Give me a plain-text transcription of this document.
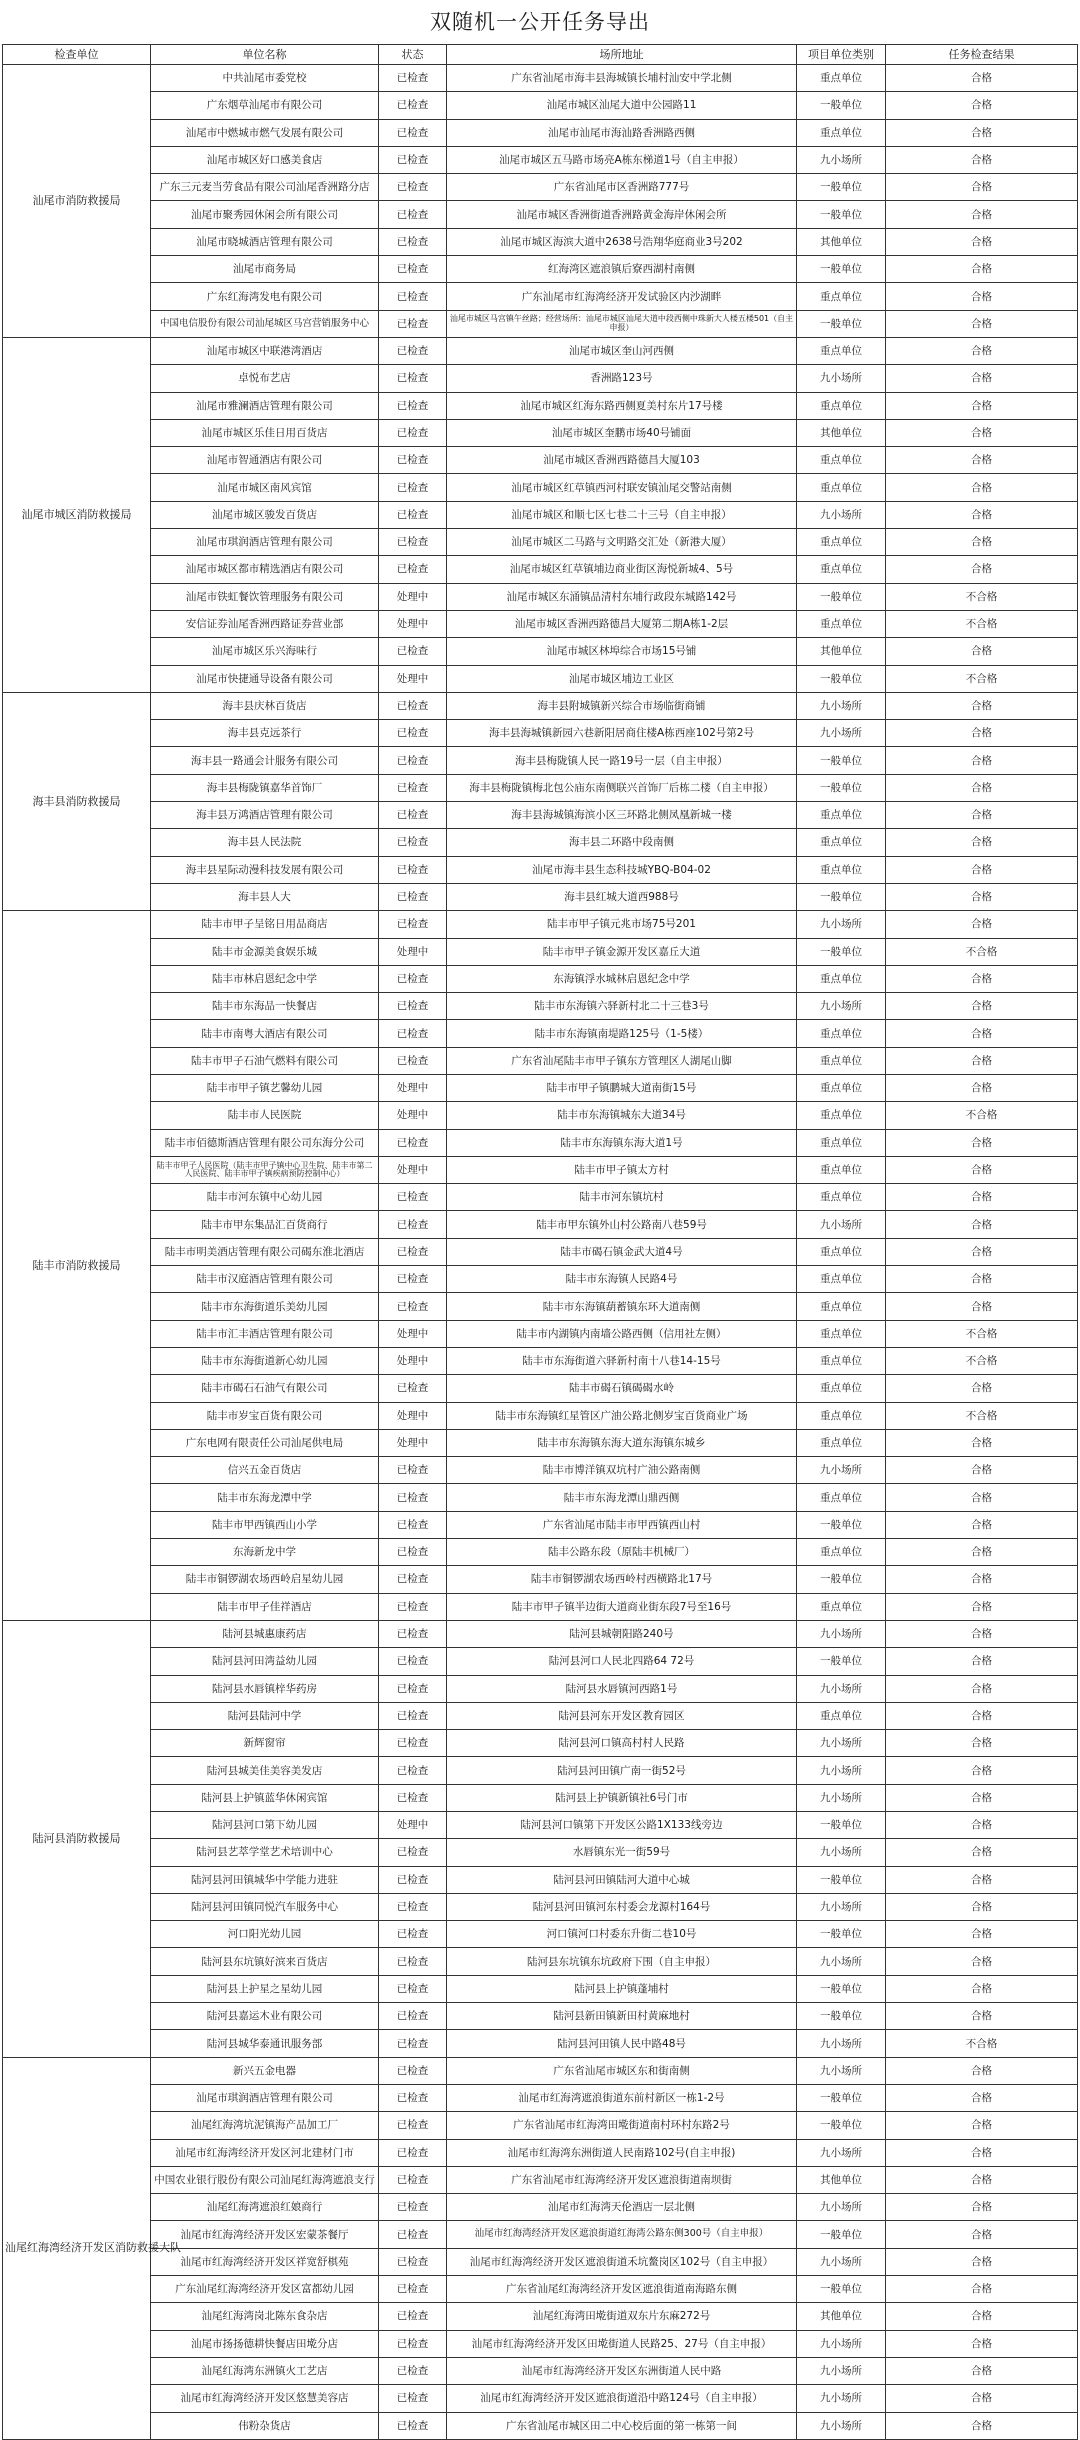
双随机一公开任务导出
检查单位	单位名称	状态	场所地址	项目单位类别	任务检查结果
汕尾市消防救援局	中共汕尾市委党校	已检查	广东省汕尾市海丰县海城镇长埔村汕安中学北侧	重点单位	合格
	广东烟草汕尾市有限公司	已检查	汕尾市城区汕尾大道中公园路11	一般单位	合格
	汕尾市中燃城市燃气发展有限公司	已检查	汕尾市汕尾市海汕路香洲路西侧	重点单位	合格
	汕尾市城区好口感美食店	已检查	汕尾市城区五马路市场亮A栋东梯道1号（自主申报）	九小场所	合格
	广东三元麦当劳食品有限公司汕尾香洲路分店	已检查	广东省汕尾市区香洲路777号	一般单位	合格
	汕尾市聚秀园休闲会所有限公司	已检查	汕尾市城区香洲街道香洲路黄金海岸休闲会所	一般单位	合格
	汕尾市晓城酒店管理有限公司	已检查	汕尾市城区海滨大道中2638号浩翔华庭商业3号202	其他单位	合格
	汕尾市商务局	已检查	红海湾区遮浪镇后寮西湖村南侧	一般单位	合格
	广东红海湾发电有限公司	已检查	广东汕尾市红海湾经济开发试验区内沙湖畔	重点单位	合格
	中国电信股份有限公司汕尾城区马宫营销服务中心	已检查	汕尾市城区马宫镇午丝路；经营场所：汕尾市城区汕尾大道中段西侧中珠新大人楼五楼501（自主申报）	一般单位	合格
汕尾市城区消防救援局	汕尾市城区中联港湾酒店	已检查	汕尾市城区奎山河西侧	重点单位	合格
	卓悦布艺店	已检查	香洲路123号	九小场所	合格
	汕尾市雅澜酒店管理有限公司	已检查	汕尾市城区红海东路西侧夏美村东片17号楼	重点单位	合格
	汕尾市城区乐佳日用百货店	已检查	汕尾市城区奎鹏市场40号铺面	其他单位	合格
	汕尾市智通酒店有限公司	已检查	汕尾市城区香洲西路德昌大厦103	重点单位	合格
	汕尾市城区南风宾馆	已检查	汕尾市城区红草镇西河村联安镇汕尾交警站南侧	重点单位	合格
	汕尾市城区骏发百货店	已检查	汕尾市城区和顺七区七巷二十三号（自主申报）	九小场所	合格
	汕尾市琪润酒店管理有限公司	已检查	汕尾市城区二马路与文明路交汇处（新港大厦）	重点单位	合格
	汕尾市城区都市精选酒店有限公司	已检查	汕尾市城区红草镇埔边商业街区海悦新城4、5号	重点单位	合格
	汕尾市铁虹餐饮管理服务有限公司	处理中	汕尾市城区东涌镇品清村东埔行政段东城路142号	一般单位	不合格
	安信证券汕尾香洲西路证券营业部	处理中	汕尾市城区香洲西路德昌大厦第二期A栋1-2层	重点单位	不合格
	汕尾市城区乐兴海味行	已检查	汕尾市城区林埠综合市场15号铺	其他单位	合格
	汕尾市快捷通导设备有限公司	处理中	汕尾市城区埔边工业区	一般单位	不合格
海丰县消防救援局	海丰县庆林百货店	已检查	海丰县附城镇新兴综合市场临街商铺	九小场所	合格
	海丰县克远茶行	已检查	海丰县海城镇新园六巷新阳居商住楼A栋西座102号第2号	九小场所	合格
	海丰县一路通会计服务有限公司	已检查	海丰县梅陇镇人民一路19号一层（自主申报）	一般单位	合格
	海丰县梅陇镇嘉华首饰厂	已检查	海丰县梅陇镇梅北包公庙东南侧联兴首饰厂后栋二楼（自主申报）	一般单位	合格
	海丰县万鸿酒店管理有限公司	已检查	海丰县海城镇海滨小区三环路北侧凤凰新城一楼	重点单位	合格
	海丰县人民法院	已检查	海丰县二环路中段南侧	重点单位	合格
	海丰县星际动漫科技发展有限公司	已检查	汕尾市海丰县生态科技城YBQ-B04-02	重点单位	合格
	海丰县人大	已检查	海丰县红城大道西988号	一般单位	合格
陆丰市消防救援局	陆丰市甲子呈铭日用品商店	已检查	陆丰市甲子镇元兆市场75号201	九小场所	合格
	陆丰市金源美食娱乐城	处理中	陆丰市甲子镇金源开发区嘉丘大道	一般单位	不合格
	陆丰市林启恩纪念中学	已检查	东海镇浮水城林启恩纪念中学	重点单位	合格
	陆丰市东海品一快餐店	已检查	陆丰市东海镇六驿新村北二十三巷3号	九小场所	合格
	陆丰市南粤大酒店有限公司	已检查	陆丰市东海镇南堤路125号（1-5楼）	重点单位	合格
	陆丰市甲子石油气燃料有限公司	已检查	广东省汕尾陆丰市甲子镇东方管理区人湖尾山脚	重点单位	合格
	陆丰市甲子镇艺馨幼儿园	处理中	陆丰市甲子镇鹏城大道南街15号	重点单位	合格
	陆丰市人民医院	处理中	陆丰市东海镇城东大道34号	重点单位	不合格
	陆丰市佰德斯酒店管理有限公司东海分公司	已检查	陆丰市东海镇东海大道1号	重点单位	合格
	陆丰市甲子人民医院（陆丰市甲子镇中心卫生院、陆丰市第二人民医院、陆丰市甲子镇疾病预防控制中心）	处理中	陆丰市甲子镇太方村	重点单位	合格
	陆丰市河东镇中心幼儿园	已检查	陆丰市河东镇坑村	重点单位	合格
	陆丰市甲东集品汇百货商行	已检查	陆丰市甲东镇外山村公路南八巷59号	九小场所	合格
	陆丰市明美酒店管理有限公司碣东淮北酒店	已检查	陆丰市碣石镇金武大道4号	重点单位	合格
	陆丰市汉庭酒店管理有限公司	已检查	陆丰市东海镇人民路4号	重点单位	合格
	陆丰市东海街道乐美幼儿园	已检查	陆丰市东海镇葫蓄镇东环大道南侧	重点单位	合格
	陆丰市汇丰酒店管理有限公司	处理中	陆丰市内湖镇内南墙公路西侧（信用社左侧）	重点单位	不合格
	陆丰市东海街道新心幼儿园	处理中	陆丰市东海街道六驿新村南十八巷14-15号	重点单位	不合格
	陆丰市碣石石油气有限公司	已检查	陆丰市碣石镇碣碣水岭	重点单位	合格
	陆丰市岁宝百货有限公司	处理中	陆丰市东海镇红星管区广油公路北侧岁宝百货商业广场	重点单位	不合格
	广东电网有限责任公司汕尾供电局	处理中	陆丰市东海镇东海大道东海镇东城乡	重点单位	合格
	信兴五金百货店	已检查	陆丰市博洋镇双坑村广油公路南侧	九小场所	合格
	陆丰市东海龙潭中学	已检查	陆丰市东海龙潭山鼎西侧	重点单位	合格
	陆丰市甲西镇西山小学	已检查	广东省汕尾市陆丰市甲西镇西山村	一般单位	合格
	东海新龙中学	已检查	陆丰公路东段（原陆丰机械厂）	重点单位	合格
	陆丰市铜锣湖农场西岭启星幼儿园	已检查	陆丰市铜锣湖农场西岭村西横路北17号	一般单位	合格
	陆丰市甲子佳祥酒店	已检查	陆丰市甲子镇半边街大道商业街东段7号至16号	重点单位	合格
陆河县消防救援局	陆河县城惠康药店	已检查	陆河县城朝阳路240号	九小场所	合格
	陆河县河田湾益幼儿园	已检查	陆河县河口人民北四路64 72号	一般单位	合格
	陆河县水唇镇梓华药房	已检查	陆河县水唇镇河西路1号	九小场所	合格
	陆河县陆河中学	已检查	陆河县河东开发区教育园区	重点单位	合格
	新辉窗帘	已检查	陆河县河口镇高村村人民路	九小场所	合格
	陆河县城美佳美容美发店	已检查	陆河县河田镇广南一街52号	九小场所	合格
	陆河县上护镇蓝华休闲宾馆	已检查	陆河县上护镇新镇社6号门市	九小场所	合格
	陆河县河口第下幼儿园	处理中	陆河县河口镇第下开发区公路1X133线旁边	一般单位	合格
	陆河县艺萃学堂艺术培训中心	已检查	水唇镇东光一街59号	九小场所	合格
	陆河县河田镇城华中学能力进驻	已检查	陆河县河田镇陆河大道中心城	一般单位	合格
	陆河县河田镇同悦汽车服务中心	已检查	陆河县河田镇河东村委会龙源村164号	九小场所	合格
	河口阳光幼儿园	已检查	河口镇河口村委东升街二巷10号	一般单位	合格
	陆河县东坑镇好滨来百货店	已检查	陆河县东坑镇东坑政府下围（自主申报）	九小场所	合格
	陆河县上护星之星幼儿园	已检查	陆河县上护镇蓬埔村	一般单位	合格
	陆河县嘉运木业有限公司	已检查	陆河县新田镇新田村黄麻地村	一般单位	合格
	陆河县城华泰通讯服务部	已检查	陆河县河田镇人民中路48号	九小场所	不合格
汕尾红海湾经济开发区消防救援大队	新兴五金电器	已检查	广东省汕尾市城区东和街南侧	九小场所	合格
	汕尾市琪润酒店管理有限公司	已检查	汕尾市红海湾遮浪街道东前村新区一栋1-2号	一般单位	合格
	汕尾红海湾坑泥镇海产品加工厂	已检查	广东省汕尾市红海湾田墘街道南村环村东路2号	一般单位	合格
	汕尾市红海湾经济开发区河北建材门市	已检查	汕尾市红海湾东洲街道人民南路102号(自主申报)	九小场所	合格
	中国农业银行股份有限公司汕尾红海湾遮浪支行	已检查	广东省汕尾市红海湾经济开发区遮浪街道南坝街	其他单位	合格
	汕尾红海湾遮浪红娘商行	已检查	汕尾市红海湾天伦酒店一层北侧	九小场所	合格
	汕尾市红海湾经济开发区宏蒙茶餐厅	已检查	汕尾市红海湾经济开发区遮浪街道红海湾公路东侧300号（自主申报）	一般单位	合格
	汕尾市红海湾经济开发区祥宽舒棋苑	已检查	汕尾市红海湾经济开发区遮浪街道禾坑鳌岗区102号（自主申报）	九小场所	合格
	广东汕尾红海湾经济开发区富都幼儿园	已检查	广东省汕尾红海湾经济开发区遮浪街道南海路东侧	一般单位	合格
	汕尾红海湾岗北陈东食杂店	已检查	汕尾红海湾田墘街道双东片东麻272号	其他单位	合格
	汕尾市扬扬德耕快餐店田墘分店	已检查	汕尾市红海湾经济开发区田墘街道人民路25、27号（自主申报）	九小场所	合格
	汕尾红海湾东洲镇火工艺店	已检查	汕尾市红海湾经济开发区东洲街道人民中路	九小场所	合格
	汕尾市红海湾经济开发区悠慧美容店	已检查	汕尾市红海湾经济开发区遮浪街道沿中路124号（自主申报）	九小场所	合格
	伟粉杂货店	已检查	广东省汕尾市城区田二中心校后面的第一栋第一间	九小场所	合格
